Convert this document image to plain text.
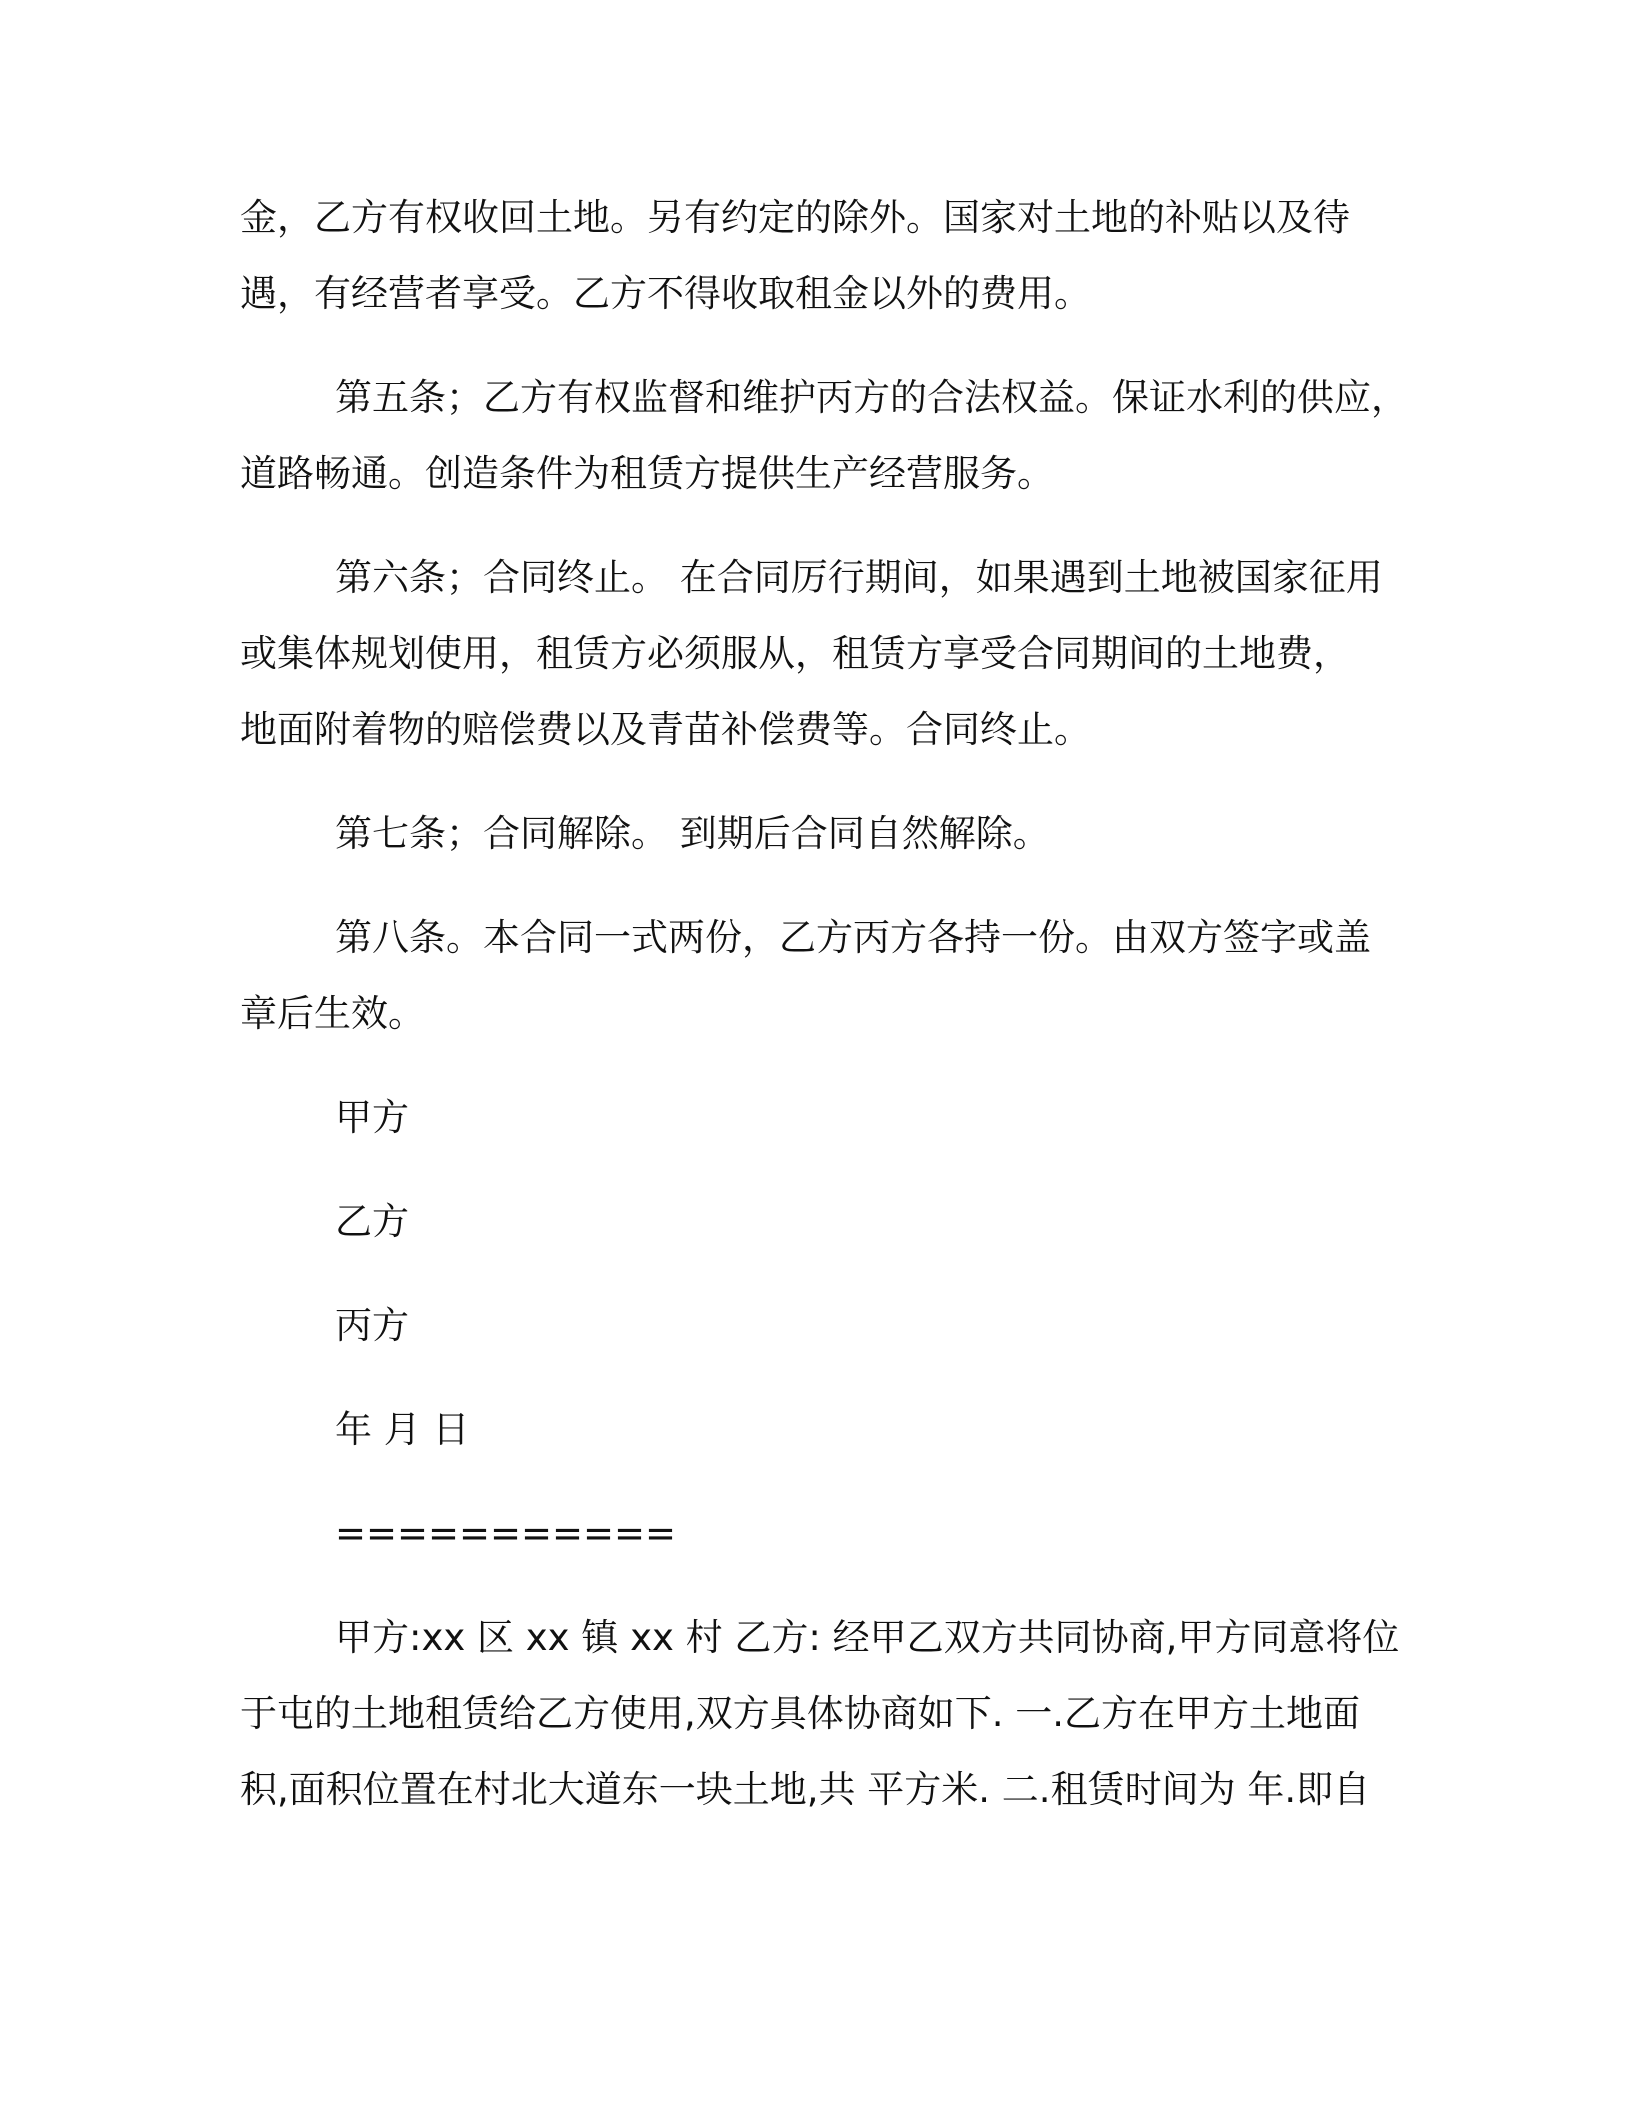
金，乙方有权收回土地。另有约定的除外。国家对土地的补贴以及待
遇，有经营者享受。乙方不得收取租金以外的费用。
第五条；乙方有权监督和维护丙方的合法权益。保证水利的供应，
道路畅通。创造条件为租赁方提供生产经营服务。
第六条；合同终止。 在合同厉行期间，如果遇到土地被国家征用
或集体规划使用，租赁方必须服从，租赁方享受合同期间的土地费，
地面附着物的赔偿费以及青苗补偿费等。合同终止。
第七条；合同解除。 到期后合同自然解除。
第八条。本合同一式两份，乙方丙方各持一份。由双方签字或盖
章后生效。
甲方
乙方
丙方
年 月 日
===========
甲方:xx 区 xx 镇 xx 村 乙方: 经甲乙双方共同协商,甲方同意将位
于屯的土地租赁给乙方使用,双方具体协商如下. 一.乙方在甲方土地面
积,面积位置在村北大道东一块土地,共 平方米. 二.租赁时间为 年.即自
